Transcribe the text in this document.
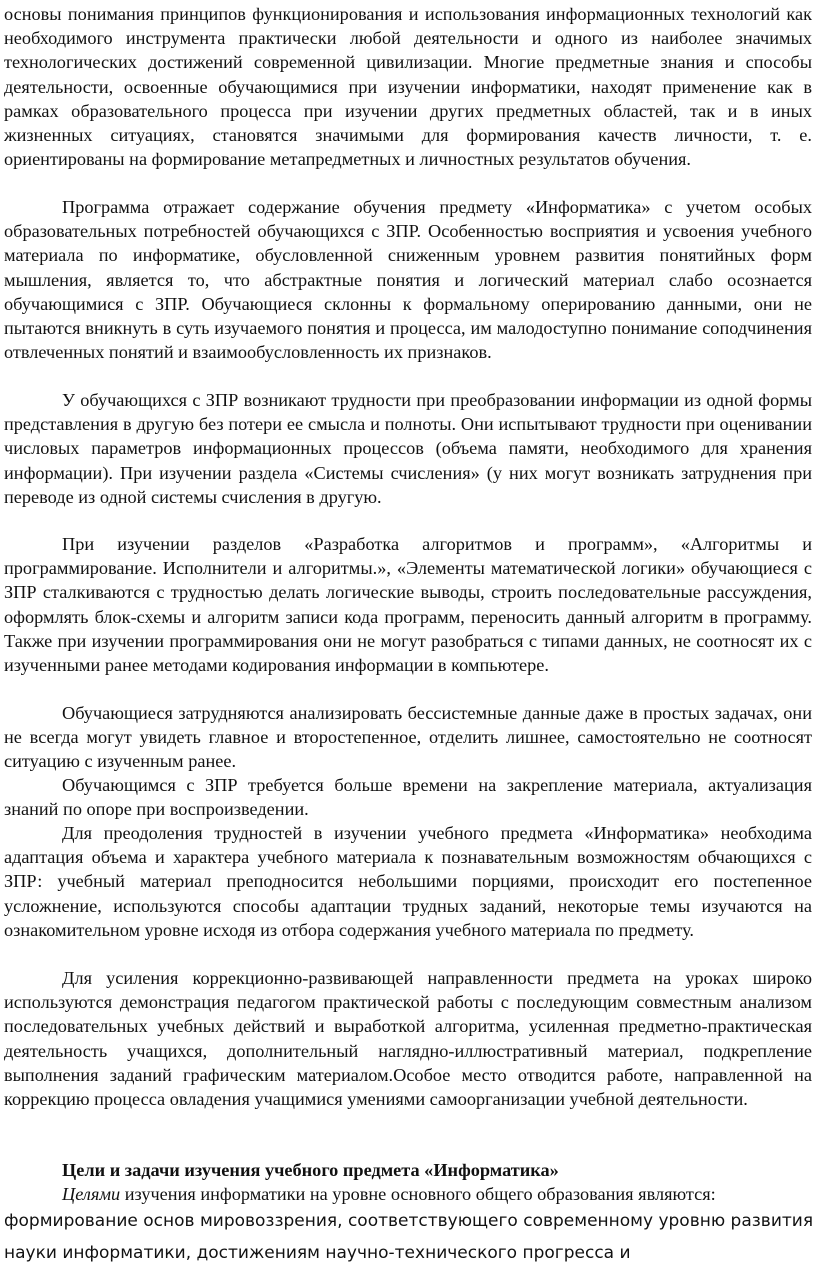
основы понимания принципов функционирования и использования информационных технологий как необходимого инструмента практически любой деятельности и одного из наиболее значимых технологических достижений современной цивилизации. Многие предметные знания и способы деятельности, освоенные обучающимися при изучении информатики, находят применение как в рамках образовательного процесса при изучении других предметных областей, так и в иных жизненных ситуациях, становятся значимыми для формирования качеств личности, т. е. ориентированы на формирование метапредметных и личностных результатов обучения.

Программа отражает содержание обучения предмету «Информатика» с учетом особых образовательных потребностей обучающихся с ЗПР. Особенностью восприятия и усвоения учебного материала по информатике, обусловленной сниженным уровнем развития понятийных форм мышления, является то, что абстрактные понятия и логический материал слабо осознается обучающимися с ЗПР. Обучающиеся склонны к формальному оперированию данными, они не пытаются вникнуть в суть изучаемого понятия и процесса, им малодоступно понимание соподчинения отвлеченных понятий и взаимообусловленность их признаков.

У обучающихся с ЗПР возникают трудности при преобразовании информации из одной формы представления в другую без потери ее смысла и полноты. Они испытывают трудности при оценивании числовых параметров информационных процессов (объема памяти, необходимого для хранения информации). При изучении раздела «Системы счисления» (у них могут возникать затруднения при переводе из одной системы счисления в другую.

При изучении разделов «Разработка алгоритмов и программ», «Алгоритмы и программирование. Исполнители и алгоритмы.», «Элементы математической логики» обучающиеся с ЗПР сталкиваются с трудностью делать логические выводы, строить последовательные рассуждения, оформлять блок-схемы и алгоритм записи кода программ, переносить данный алгоритм в программу. Также при изучении программирования они не могут разобраться с типами данных, не соотносят их с изученными ранее методами кодирования информации в компьютере.

Обучающиеся затрудняются анализировать бессистемные данные даже в простых задачах, они не всегда могут увидеть главное и второстепенное, отделить лишнее, самостоятельно не соотносят ситуацию с изученным ранее.

Обучающимся с ЗПР требуется больше времени на закрепление материала, актуализация знаний по опоре при воспроизведении.

Для преодоления трудностей в изучении учебного предмета «Информатика» необходима адаптация объема и характера учебного материала к познавательным возможностям обчающихся с ЗПР: учебный материал преподносится небольшими порциями, происходит его постепенное усложнение, используются способы адаптации трудных заданий, некоторые темы изучаются на ознакомительном уровне исходя из отбора содержания учебного материала по предмету.

Для усиления коррекционно-развивающей направленности предмета на уроках широко используются демонстрация педагогом практической работы с последующим совместным анализом последовательных учебных действий и выработкой алгоритма, усиленная предметно-практическая деятельность учащихся, дополнительный наглядно-иллюстративный материал, подкрепление выполнения заданий графическим материалом.Особое место отводится работе, направленной на коррекцию процесса овладения учащимися умениями самоорганизации учебной деятельности.

Цели и задачи изучения учебного предмета «Информатика»

Целями изучения информатики на уровне основного общего образования являются:

формирование основ мировоззрения, соответствующего современному уровню развития

науки информатики, достижениям научно-технического прогресса и
